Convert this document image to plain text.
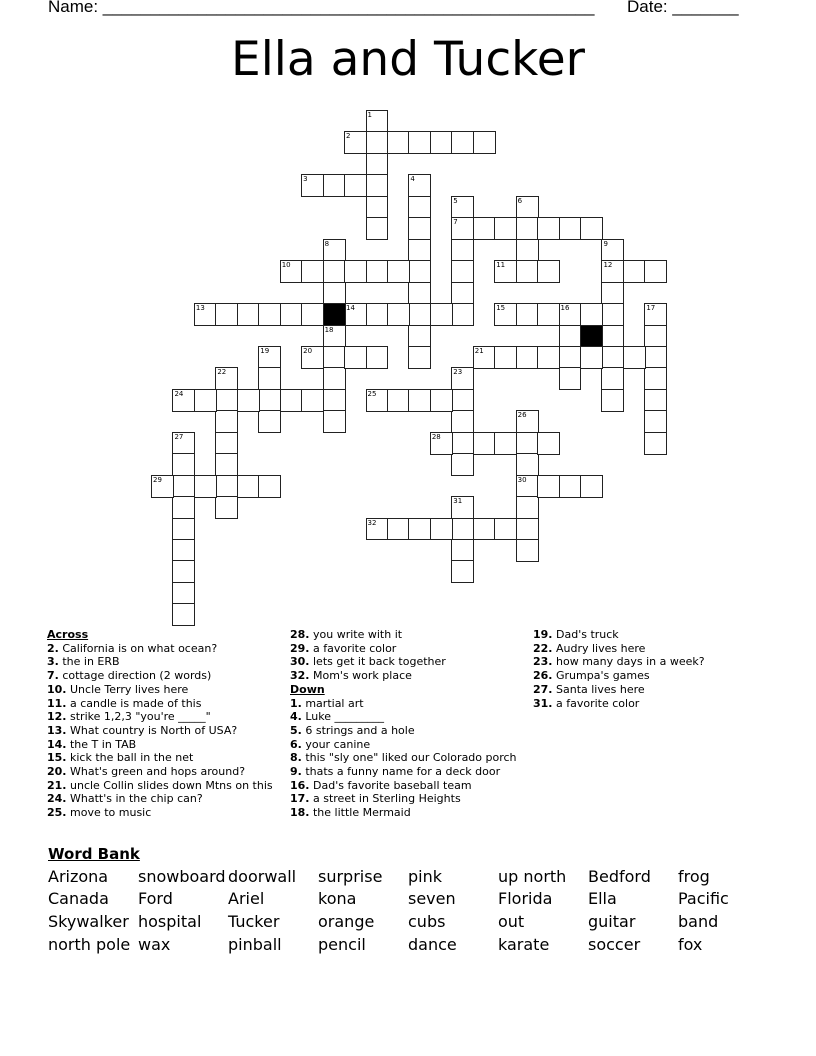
Name: ____________________________________________________ Date: _______
Ella and Tucker
1
2
3	4
5
7
6
8	9
12
10	11
13	14	15	16	17
18
19	20	21
22	23
24	25
26
30
27	28
29
31
32
Across
2. California is on what ocean?
3. the in ERB
7. cottage direction (2 words)
10. Uncle Terry lives here
11. a candle is made of this
12. strike 1,2,3 "you're _____"
13. What country is North of USA?
14. the T in TAB
15. kick the ball in the net
20. What's green and hops around?
21. uncle Collin slides down Mtns on this
24. Whatt's in the chip can?
25. move to music
28. you write with it
29. a favorite color
30. lets get it back together
32. Mom's work place
Down
1. martial art
4. Luke _________
5. 6 strings and a hole
6. your canine
8. this "sly one" liked our Colorado porch
9. thats a funny name for a deck door
16. Dad's favorite baseball team
17. a street in Sterling Heights
18. the little Mermaid
19. Dad's truck
22. Audry lives here
23. how many days in a week?
26. Grumpa's games
27. Santa lives here
31. a favorite color
Word Bank
Arizona snowboard doorwall surprise pink	up north Bedford frog
Canada Ford	Ariel	kona	seven	Florida Ella	Pacific
Skywalker hospital Tucker orange cubs	out	guitar	band
north pole wax	pinball pencil	dance	karate soccer fox
